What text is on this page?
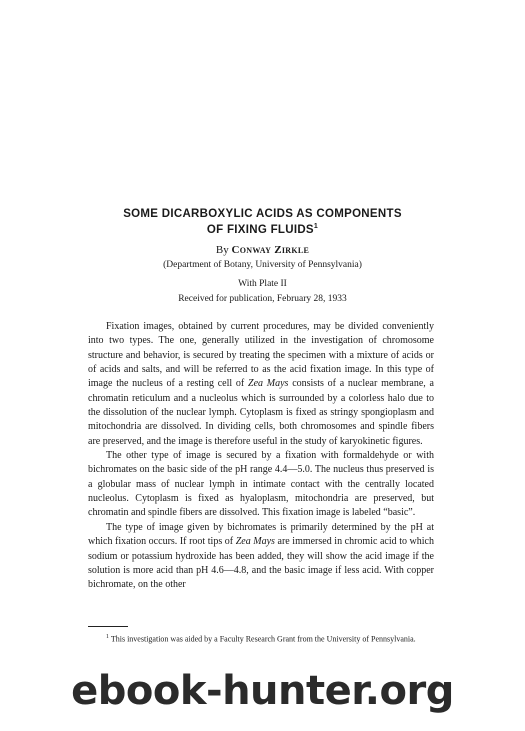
SOME DICARBOXYLIC ACIDS AS COMPONENTS

OF FIXING FLUIDS$^1$

By Conway Zirkle

(Department of Botany, University of Pennsylvania)

With Plate II

Received for publication, February 28, 1933

Fixation images, obtained by current procedures, may be divided conveniently into two types. The one, generally utilized in the investigation of chromosome structure and behavior, is secured by treating the specimen with a mixture of acids or of acids and salts, and will be referred to as the acid fixation image. In this type of image the nucleus of a resting cell of Zea Mays consists of a nuclear membrane, a chromatin reticulum and a nucleolus which is surrounded by a colorless halo due to the dissolution of the nuclear lymph. Cytoplasm is fixed as stringy spongioplasm and mitochondria are dissolved. In dividing cells, both chromosomes and spindle fibers are preserved, and the image is therefore useful in the study of karyokinetic figures.

The other type of image is secured by a fixation with formaldehyde or with bichromates on the basic side of the pH range 4.4—5.0. The nucleus thus preserved is a globular mass of nuclear lymph in intimate contact with the centrally located nucleolus. Cytoplasm is fixed as hyaloplasm, mitochondria are preserved, but chromatin and spindle fibers are dissolved. This fixation image is labeled “basic”.

The type of image given by bichromates is primarily determined by the pH at which fixation occurs. If root tips of Zea Mays are immersed in chromic acid to which sodium or potassium hydroxide has been added, they will show the acid image if the solution is more acid than pH 4.6—4.8, and the basic image if less acid. With copper bichromate, on the other

$^1$ This investigation was aided by a Faculty Research Grant from the University of Pennsylvania.

ebook-hunter.org
